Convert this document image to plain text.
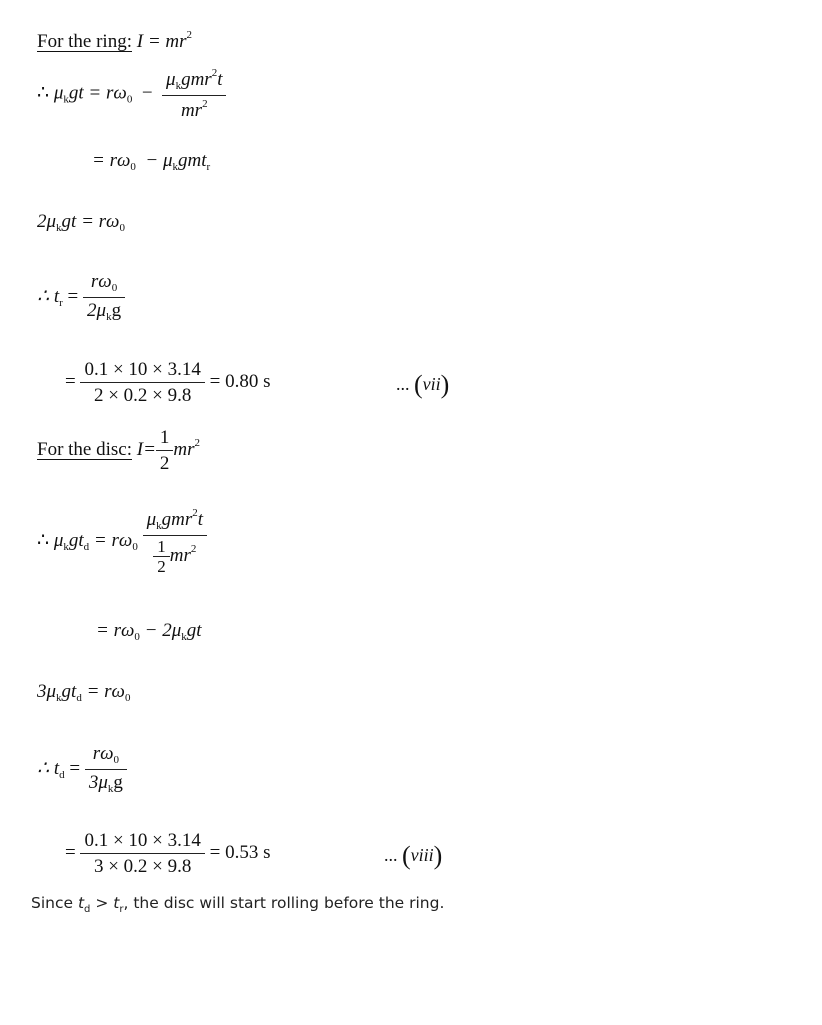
For the ring: $I = mr^2$
∴ $\mu_kgt = r\omega_0 - \frac{\mu_kgmr^2t}{mr^2}$
= $r\omega_0 - \mu_kgmt_r$
$2\mu_kgt = r\omega_0$
∴ $t_r = \frac{r\omega_0}{2\mu_kg}$
= $\frac{0.1 \times 10 \times 3.14}{2 \times 0.2 \times 9.8} = 0.80$ s	... (vii)
For the disc: $I= \frac{1}{2} mr^2$
∴ $\mu_kgt_d = r\omega_0 \frac{\mu_kgmr^2t}{\frac{1}{2} mr^2}$
= $r\omega_0 - 2\mu_kgt$
$3\mu_kgt_d = r\omega_0$
∴ $t_d = \frac{r\omega_0}{3\mu_kg}$
= $\frac{0.1 \times 10 \times 3.14}{3 \times 0.2 \times 9.8} = 0.53$ s	... (viii)
Since $t_d > t_r$, the disc will start rolling before the ring.
